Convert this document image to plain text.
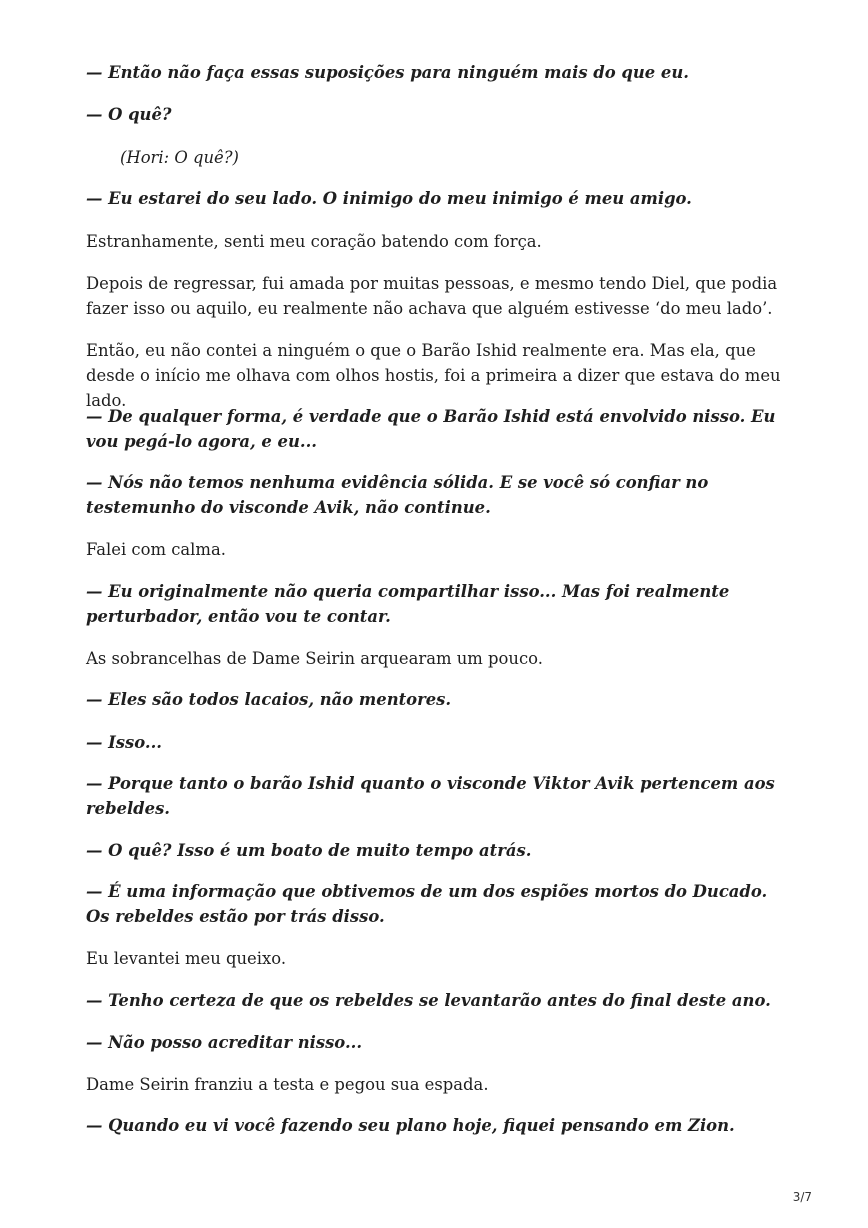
— Então não faça essas suposições para ninguém mais do que eu.

— O quê?

(Hori: O quê?)

— Eu estarei do seu lado. O inimigo do meu inimigo é meu amigo.

Estranhamente, senti meu coração batendo com força.

Depois de regressar, fui amada por muitas pessoas, e mesmo tendo Diel, que podia fazer isso ou aquilo, eu realmente não achava que alguém estivesse ‘do meu lado’.

Então, eu não contei a ninguém o que o Barão Ishid realmente era. Mas ela, que desde o início me olhava com olhos hostis, foi a primeira a dizer que estava do meu lado.

— De qualquer forma, é verdade que o Barão Ishid está envolvido nisso. Eu vou pegá-lo agora, e eu...

— Nós não temos nenhuma evidência sólida. E se você só confiar no testemunho do visconde Avik, não continue.

Falei com calma.

— Eu originalmente não queria compartilhar isso... Mas foi realmente perturbador, então vou te contar.

As sobrancelhas de Dame Seirin arquearam um pouco.

— Eles são todos lacaios, não mentores.

— Isso...

— Porque tanto o barão Ishid quanto o visconde Viktor Avik pertencem aos rebeldes.

— O quê? Isso é um boato de muito tempo atrás.

— É uma informação que obtivemos de um dos espiões mortos do Ducado. Os rebeldes estão por trás disso.

Eu levantei meu queixo.

— Tenho certeza de que os rebeldes se levantarão antes do final deste ano.

— Não posso acreditar nisso...

Dame Seirin franziu a testa e pegou sua espada.

— Quando eu vi você fazendo seu plano hoje, fiquei pensando em Zion.

3/7
